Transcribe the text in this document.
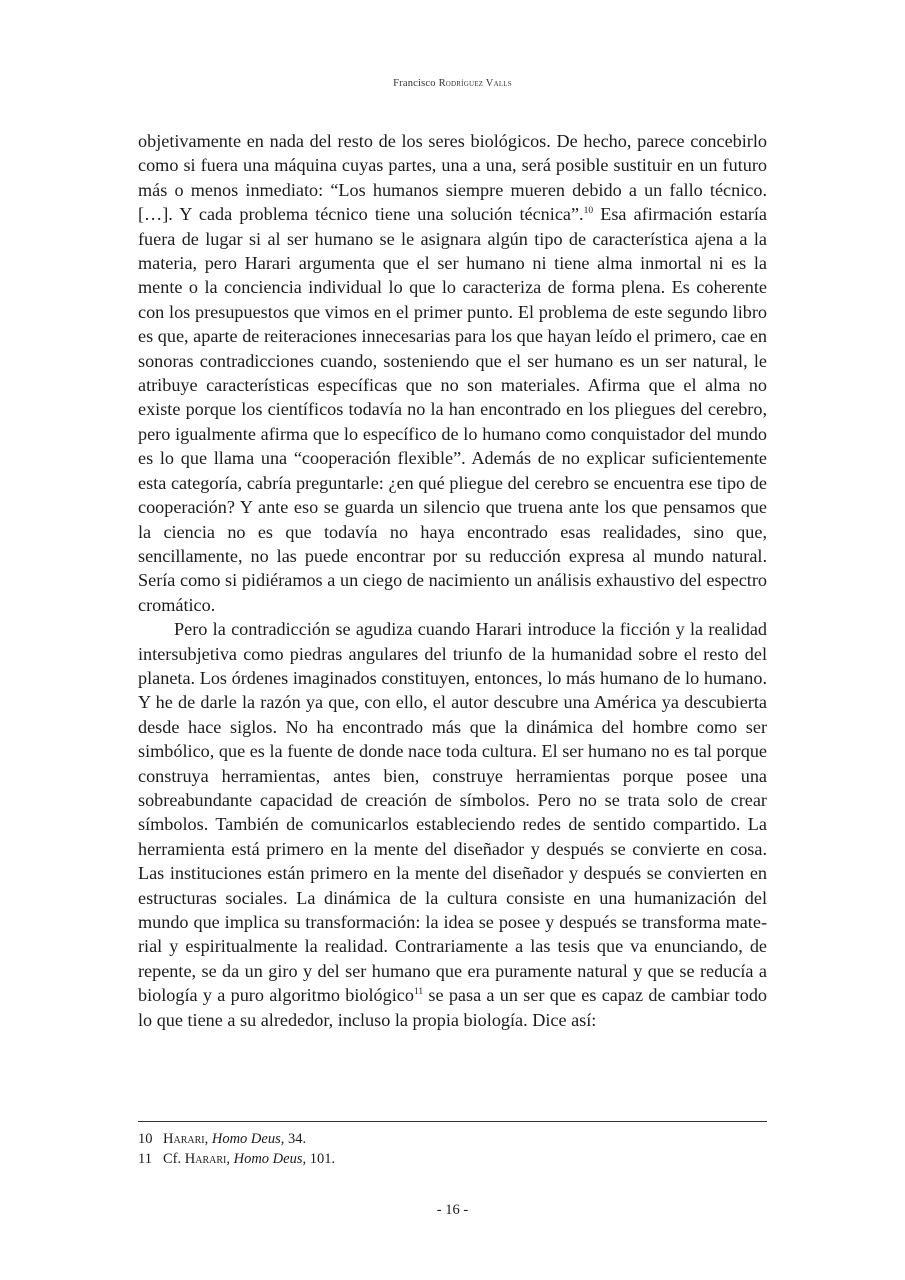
Francisco Rodríguez Valls

objetivamente en nada del resto de los seres biológicos. De hecho, parece concebirlo como si fuera una máquina cuyas partes, una a una, será posible sustituir en un futuro más o menos inmediato: “Los humanos siempre mueren debido a un fallo técnico. […]. Y cada problema técnico tiene una solución técnica”.$^{10}$ Esa afirmación estaría fuera de lugar si al ser humano se le asignara algún tipo de característica ajena a la materia, pero Harari argumenta que el ser humano ni tiene alma inmortal ni es la mente o la conciencia individual lo que lo caracteriza de forma plena. Es coherente con los presupuestos que vimos en el primer punto. El problema de este segundo libro es que, aparte de reiteraciones innecesarias para los que hayan leído el primero, cae en sonoras contradicciones cuando, sosteniendo que el ser humano es un ser natural, le atribuye características específicas que no son materiales. Afirma que el alma no existe porque los científicos todavía no la han encontrado en los pliegues del cerebro, pero igualmente afirma que lo específico de lo humano como conquistador del mundo es lo que llama una “cooperación flexible”. Además de no explicar suficientemente esta categoría, cabría preguntarle: ¿en qué pliegue del cerebro se encuentra ese tipo de cooperación? Y ante eso se guarda un silencio que truena ante los que pensamos que la ciencia no es que todavía no haya encontrado esas realidades, sino que, sencillamente, no las puede encontrar por su reducción expresa al mundo natural. Sería como si pidiéramos a un ciego de nacimiento un análisis exhaustivo del espectro cromático.

Pero la contradicción se agudiza cuando Harari introduce la ficción y la realidad intersubjetiva como piedras angulares del triunfo de la humanidad sobre el resto del planeta. Los órdenes imaginados constituyen, entonces, lo más humano de lo humano. Y he de darle la razón ya que, con ello, el autor descubre una América ya descubierta desde hace siglos. No ha encontrado más que la dinámica del hombre como ser simbólico, que es la fuente de donde nace toda cultura. El ser humano no es tal porque construya herramientas, antes bien, construye herramientas porque posee una sobreabundante capacidad de creación de símbolos. Pero no se trata solo de crear símbolos. También de comunicarlos estableciendo redes de sentido compartido. La herramienta está primero en la mente del diseñador y después se convierte en cosa. Las instituciones están primero en la mente del diseñador y después se convierten en estructuras sociales. La dinámica de la cultura consiste en una humanización del mundo que implica su transformación: la idea se posee y después se transforma material y espiritualmente la realidad. Contrariamente a las tesis que va enunciando, de repente, se da un giro y del ser humano que era puramente natural y que se reducía a biología y a puro algoritmo biológico$^{11}$ se pasa a un ser que es capaz de cambiar todo lo que tiene a su alrededor, incluso la propia biología. Dice así:

10 Harari, Homo Deus, 34.
11 Cf. Harari, Homo Deus, 101.
- 16 -
